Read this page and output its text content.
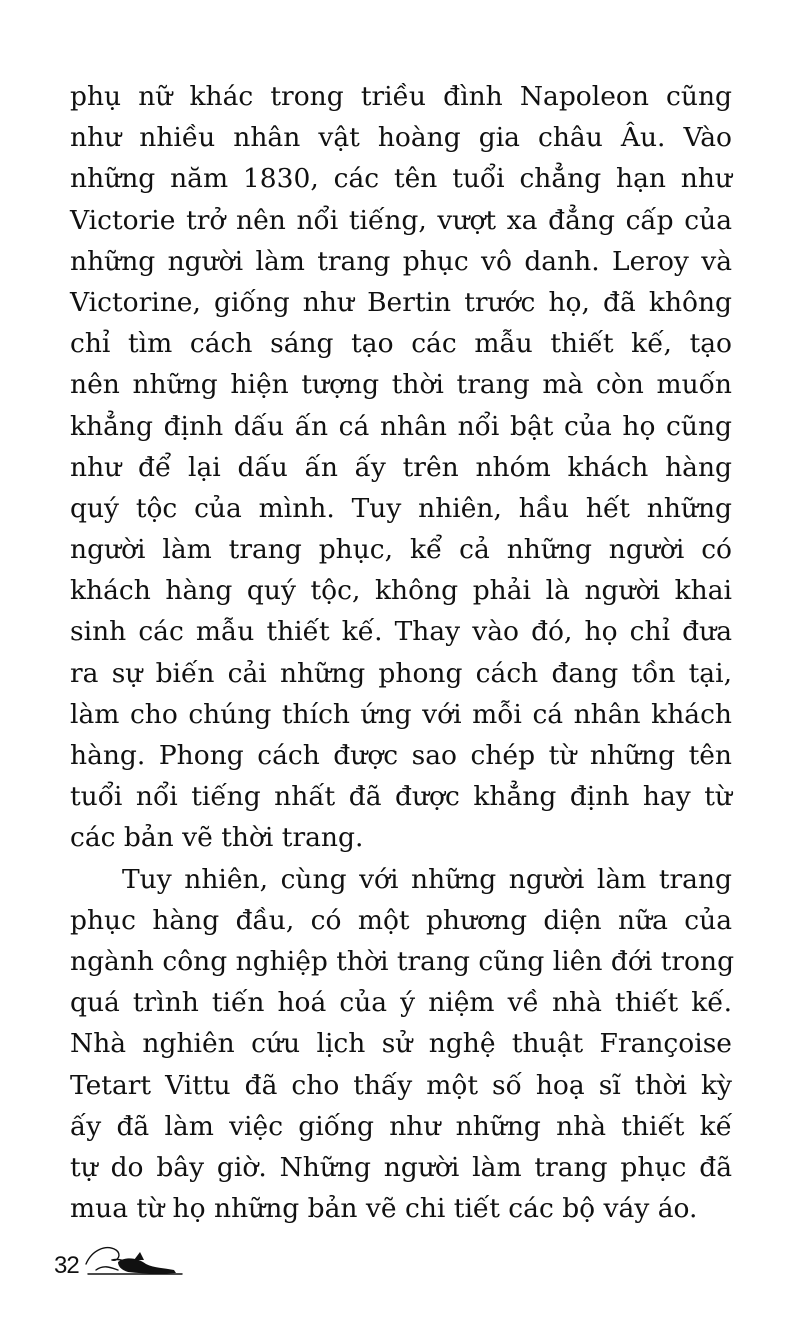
phụ nữ khác trong triều đình Napoleon cũng
như nhiều nhân vật hoàng gia châu Âu. Vào
những năm 1830, các tên tuổi chẳng hạn như
Victorie trở nên nổi tiếng, vượt xa đẳng cấp của
những người làm trang phục vô danh. Leroy và
Victorine, giống như Bertin trước họ, đã không
chỉ tìm cách sáng tạo các mẫu thiết kế, tạo
nên những hiện tượng thời trang mà còn muốn
khẳng định dấu ấn cá nhân nổi bật của họ cũng
như để lại dấu ấn ấy trên nhóm khách hàng
quý tộc của mình. Tuy nhiên, hầu hết những
người làm trang phục, kể cả những người có
khách hàng quý tộc, không phải là người khai
sinh các mẫu thiết kế. Thay vào đó, họ chỉ đưa
ra sự biến cải những phong cách đang tồn tại,
làm cho chúng thích ứng với mỗi cá nhân khách
hàng. Phong cách được sao chép từ những tên
tuổi nổi tiếng nhất đã được khẳng định hay từ
các bản vẽ thời trang.
Tuy nhiên, cùng với những người làm trang
phục hàng đầu, có một phương diện nữa của
ngành công nghiệp thời trang cũng liên đới trong
quá trình tiến hoá của ý niệm về nhà thiết kế.
Nhà nghiên cứu lịch sử nghệ thuật Françoise
Tetart Vittu đã cho thấy một số hoạ sĩ thời kỳ
ấy đã làm việc giống như những nhà thiết kế
tự do bây giờ. Những người làm trang phục đã
mua từ họ những bản vẽ chi tiết các bộ váy áo.
32
